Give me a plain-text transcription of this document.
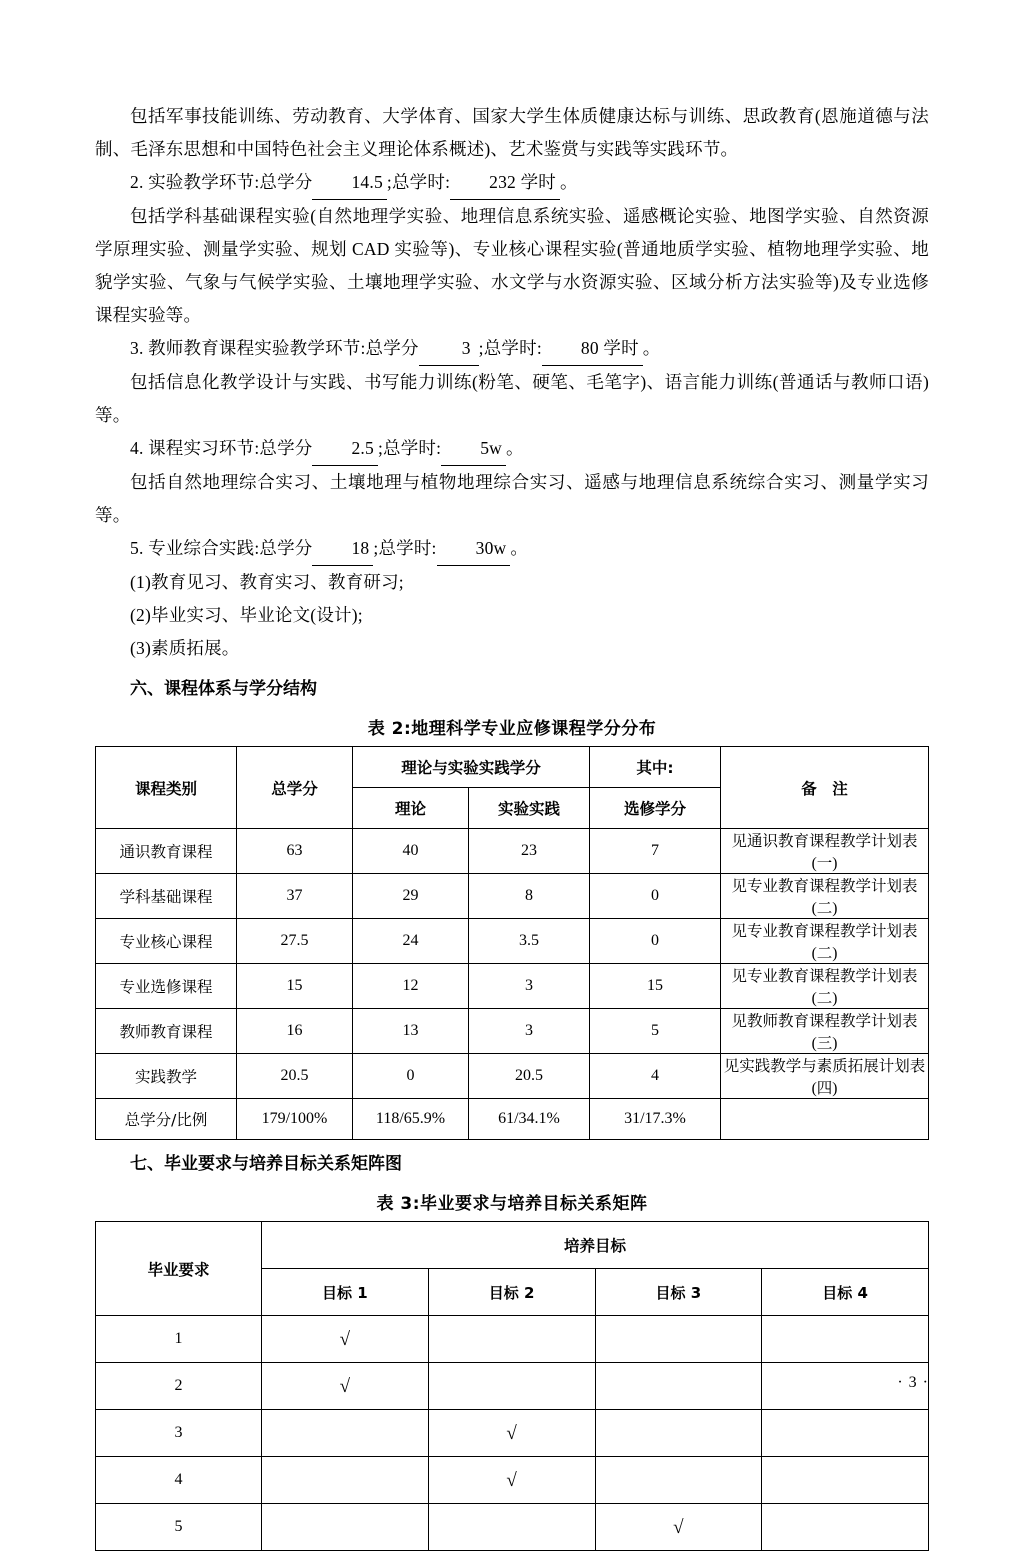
包括军事技能训练、劳动教育、大学体育、国家大学生体质健康达标与训练、思政教育(恩施道德与法制、毛泽东思想和中国特色社会主义理论体系概述)、艺术鉴赏与实践等实践环节。

2. 实验教学环节:总学分 14.5 ;总学时: 232 学时 。

包括学科基础课程实验(自然地理学实验、地理信息系统实验、遥感概论实验、地图学实验、自然资源学原理实验、测量学实验、规划 CAD 实验等)、专业核心课程实验(普通地质学实验、植物地理学实验、地貌学实验、气象与气候学实验、土壤地理学实验、水文学与水资源实验、区域分析方法实验等)及专业选修课程实验等。

3. 教师教育课程实验教学环节:总学分 3 ;总学时: 80 学时 。

包括信息化教学设计与实践、书写能力训练(粉笔、硬笔、毛笔字)、语言能力训练(普通话与教师口语)等。

4. 课程实习环节:总学分 2.5 ;总学时: 5w 。

包括自然地理综合实习、土壤地理与植物地理综合实习、遥感与地理信息系统综合实习、测量学实习等。

5. 专业综合实践:总学分 18 ;总学时: 30w 。

(1)教育见习、教育实习、教育研习;

(2)毕业实习、毕业论文(设计);

(3)素质拓展。

六、课程体系与学分结构
表 2:地理科学专业应修课程学分分布
课程类别	总学分	理论与实验实践学分		其中:	备　注
		理论	实验实践	选修学分	
通识教育课程	63	40	23	7	见通识教育课程教学计划表(一)
学科基础课程	37	29	8	0	见专业教育课程教学计划表(二)
专业核心课程	27.5	24	3.5	0	见专业教育课程教学计划表(二)
专业选修课程	15	12	3	15	见专业教育课程教学计划表(二)
教师教育课程	16	13	3	5	见教师教育课程教学计划表(三)
实践教学	20.5	0	20.5	4	见实践教学与素质拓展计划表(四)
总学分/比例	179/100%	118/65.9%	61/34.1%	31/17.3%	
七、毕业要求与培养目标关系矩阵图
表 3:毕业要求与培养目标关系矩阵
毕业要求	培养目标			
	目标 1	目标 2	目标 3	目标 4
1	√			
2	√			
3		√		
4		√		
5			√	
· 3 ·
